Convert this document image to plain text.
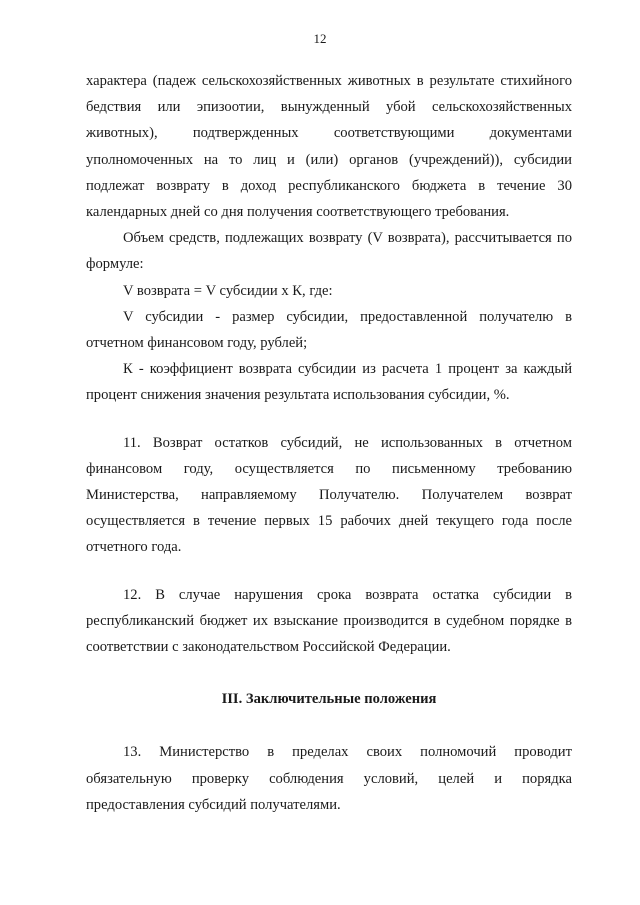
12

характера (падеж сельскохозяйственных животных в результате стихийного бедствия или эпизоотии, вынужденный убой сельскохозяйственных животных), подтвержденных соответствующими документами уполномоченных на то лиц и (или) органов (учреждений)), субсидии подлежат возврату в доход республиканского бюджета в течение 30 календарных дней со дня получения соответствующего требования.

Объем средств, подлежащих возврату (V возврата), рассчитывается по формуле:

V возврата = V субсидии x К, где:

V субсидии - размер субсидии, предоставленной получателю в отчетном финансовом году, рублей;

К - коэффициент возврата субсидии из расчета 1 процент за каждый процент снижения значения результата использования субсидии, %.

11. Возврат остатков субсидий, не использованных в отчетном финансовом году, осуществляется по письменному требованию Министерства, направляемому Получателю. Получателем возврат осуществляется в течение первых 15 рабочих дней текущего года после отчетного года.

12. В случае нарушения срока возврата остатка субсидии в республиканский бюджет их взыскание производится в судебном порядке в соответствии с законодательством Российской Федерации.

III. Заключительные положения

13. Министерство в пределах своих полномочий проводит обязательную проверку соблюдения условий, целей и порядка предоставления субсидий получателями.
